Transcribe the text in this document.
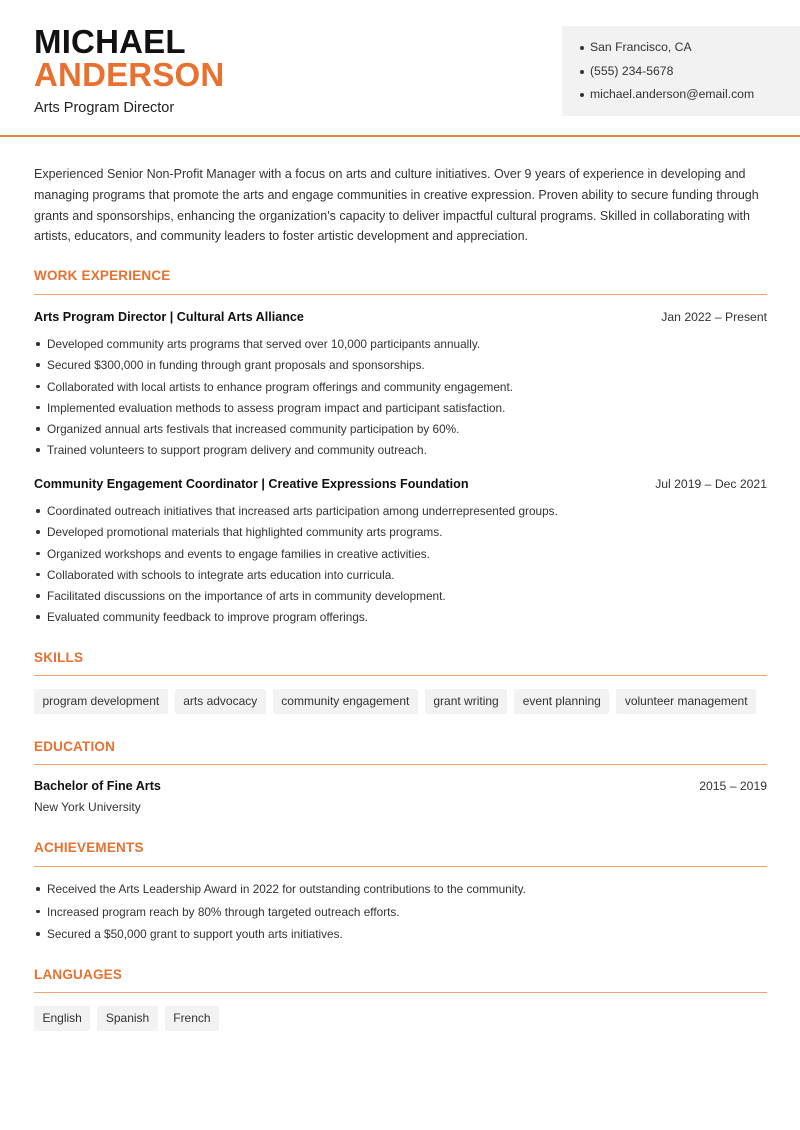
MICHAEL
ANDERSON
Arts Program Director
San Francisco, CA
(555) 234-5678
michael.anderson@email.com

Experienced Senior Non-Profit Manager with a focus on arts and culture initiatives. Over 9 years of experience in developing and managing programs that promote the arts and engage communities in creative expression. Proven ability to secure funding through grants and sponsorships, enhancing the organization's capacity to deliver impactful cultural programs. Skilled in collaborating with artists, educators, and community leaders to foster artistic development and appreciation.

WORK EXPERIENCE
Arts Program Director | Cultural Arts Alliance	Jan 2022 – Present
Developed community arts programs that served over 10,000 participants annually.
Secured $300,000 in funding through grant proposals and sponsorships.
Collaborated with local artists to enhance program offerings and community engagement.
Implemented evaluation methods to assess program impact and participant satisfaction.
Organized annual arts festivals that increased community participation by 60%.
Trained volunteers to support program delivery and community outreach.
Community Engagement Coordinator | Creative Expressions Foundation	Jul 2019 – Dec 2021
Coordinated outreach initiatives that increased arts participation among underrepresented groups.
Developed promotional materials that highlighted community arts programs.
Organized workshops and events to engage families in creative activities.
Collaborated with schools to integrate arts education into curricula.
Facilitated discussions on the importance of arts in community development.
Evaluated community feedback to improve program offerings.
SKILLS
program development	arts advocacy	community engagement	grant writing	event planning	volunteer management
EDUCATION
Bachelor of Fine Arts	2015 – 2019
New York University
ACHIEVEMENTS
Received the Arts Leadership Award in 2022 for outstanding contributions to the community.
Increased program reach by 80% through targeted outreach efforts.
Secured a $50,000 grant to support youth arts initiatives.
LANGUAGES
English	Spanish	French
